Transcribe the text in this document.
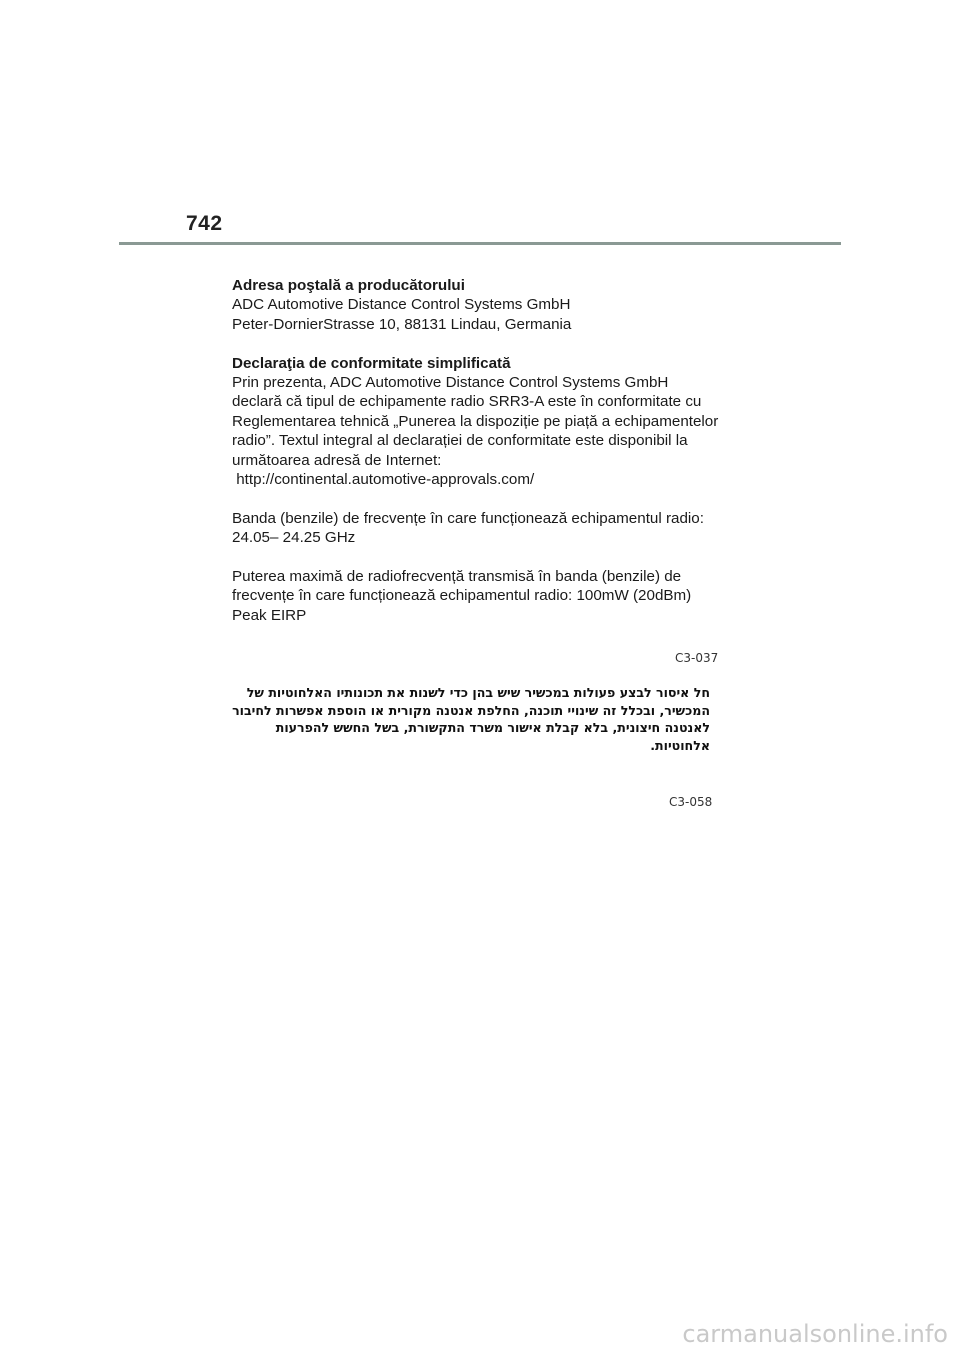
742

Adresa poştală a producătorului

ADC Automotive Distance Control Systems GmbH

Peter-DornierStrasse 10, 88131 Lindau, Germania

Declaraţia de conformitate simplificată

Prin prezenta, ADC Automotive Distance Control Systems GmbH

declară că tipul de echipamente radio SRR3-A este în conformitate cu

Reglementarea tehnică „Punerea la dispoziție pe piață a echipamentelor

radio”. Textul integral al declarației de conformitate este disponibil la

următoarea adresă de Internet:

http://continental.automotive-approvals.com/

Banda (benzile) de frecvențe în care funcționează echipamentul radio:

24.05– 24.25 GHz

Puterea maximă de radiofrecvență transmisă în banda (benzile) de

frecvențe în care funcționează echipamentul radio: 100mW (20dBm)

Peak EIRP

C3-037
חל איסור לבצע פעולות במכשיר שיש בהן כדי לשנות את תכונותיו האלחוטיות של
המכשיר, ובכלל זה שינויי תוכנה, החלפת אנטנה מקורית או הוספת אפשרות לחיבור
לאנטנה חיצונית, בלא קבלת אישור משרד התקשורת, בשל החשש להפרעות
אלחוטיות.
C3-058
carmanualsonline.info
